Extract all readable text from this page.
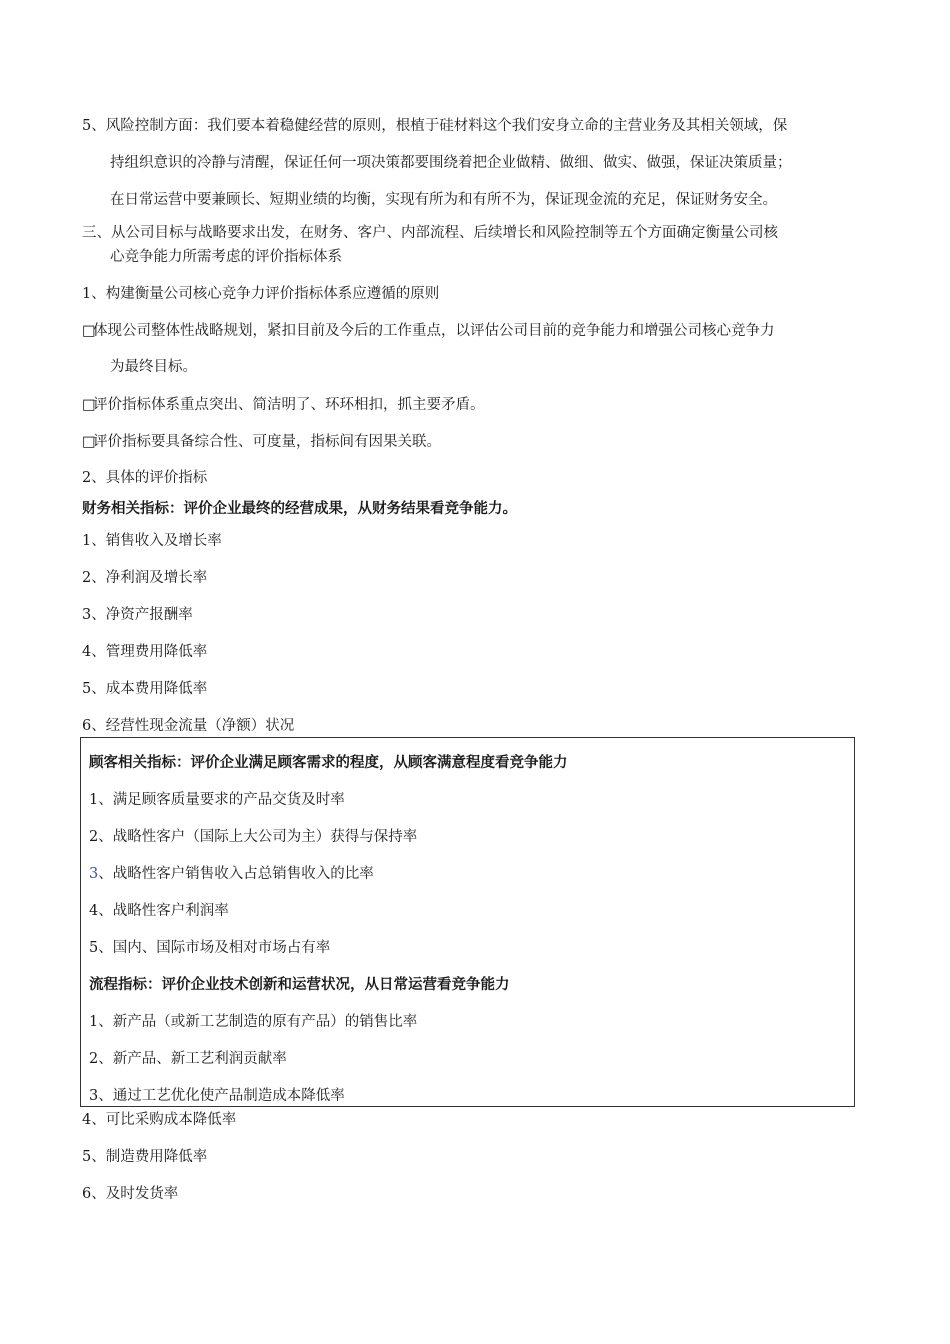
5、风险控制方面：我们要本着稳健经营的原则，根植于硅材料这个我们安身立命的主营业务及其相关领域，保
持组织意识的冷静与清醒，保证任何一项决策都要围绕着把企业做精、做细、做实、做强，保证决策质量；
在日常运营中要兼顾长、短期业绩的均衡，实现有所为和有所不为，保证现金流的充足，保证财务安全。
三、从公司目标与战略要求出发，在财务、客户、内部流程、后续增长和风险控制等五个方面确定衡量公司核
心竞争能力所需考虑的评价指标体系
1、构建衡量公司核心竞争力评价指标体系应遵循的原则
□体现公司整体性战略规划，紧扣目前及今后的工作重点，以评估公司目前的竞争能力和增强公司核心竞争力
为最终目标。
□评价指标体系重点突出、简洁明了、环环相扣，抓主要矛盾。
□评价指标要具备综合性、可度量，指标间有因果关联。
2、具体的评价指标
财务相关指标：评价企业最终的经营成果，从财务结果看竞争能力。
1、销售收入及增长率
2、净利润及增长率
3、净资产报酬率
4、管理费用降低率
5、成本费用降低率
6、经营性现金流量（净额）状况
顾客相关指标：评价企业满足顾客需求的程度，从顾客满意程度看竞争能力
1、满足顾客质量要求的产品交货及时率
2、战略性客户（国际上大公司为主）获得与保持率
3、战略性客户销售收入占总销售收入的比率
4、战略性客户利润率
5、国内、国际市场及相对市场占有率
流程指标：评价企业技术创新和运营状况，从日常运营看竞争能力
1、新产品（或新工艺制造的原有产品）的销售比率
2、新产品、新工艺利润贡献率
3、通过工艺优化使产品制造成本降低率
4、可比采购成本降低率
5、制造费用降低率
6、及时发货率
